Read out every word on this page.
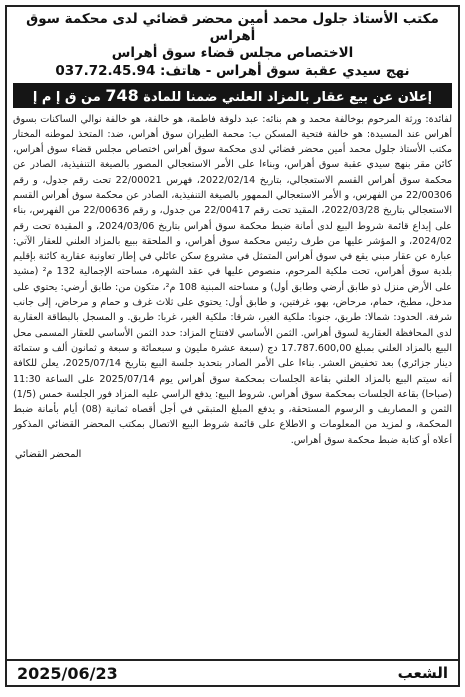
مكتب الأستاذ جلول محمد أمين محضر قضائي لدى محكمة سوق أهراس
الاختصاص مجلس قضاء سوق أهراس
نهج سيدي عقبة سوق أهراس - هاتف: 037.72.45.94
إعلان عن بيع عقار بالمزاد العلني ضمنا للمادة 748 من ق إ م إ
لفائدة: ورثة المرحوم بوخالفة محمد و هم بنائه: عبد دلوفة فاطمة، هو خالفة، هو خالفة نوالي الساكنات بسوق أهراس عند المسيدة: هو خالفة فتحية المسكن ب: محمة الطيران سوق أهراس، ضد: المتخذ لموطنه المختار مكتب الأستاذ جلول محمد أمين محضر قضائي لدى محكمة سوق أهراس اختصاص مجلس قضاء سوق أهراس، كائن مقر بنهج سيدي عقبة سوق أهراس، وبناءا على الأمر الاستعجالي المصور بالصيغة التنفيذية، الصادر عن محكمة سوق أهراس القسم الاستعجالي، بتاريخ 2022/02/14، فهرس 22/00021 تحت رقم جدول، و رقم 22/00306 من الفهرس، و الأمر الاستعجالي الممهور بالصيغة التنفيذية، الصادر عن محكمة سوق أهراس القسم الاستعجالي بتاريخ 2022/03/28، المقيد تحت رقم 22/00417 من جدول، و رقم 22/00636 من الفهرس، بناء على إيداع قائمة شروط البيع لدى أمانة ضبط محكمة سوق أهراس بتاريخ 2024/03/06، و المقيدة تحت رقم 2024/02، و المؤشر عليها من طرف رئيس محكمة سوق أهراس، و الملحقة ببيع بالمزاد العلني للعقار الآتي: عبارة عن عقار مبني يقع في سوق أهراس المتمثل في مشروع سكن عائلي في إطار تعاونية عقارية كائنة بإقليم بلدية سوق أهراس، تحت ملكية المرحوم، منصوص عليها في عقد الشهرة، مساحته الإجمالية 132 م² (مشيد على الأرض منزل ذو طابق أرضي وطابق أول) و مساحته المبنية 108 م²، متكون من: طابق أرضي: يحتوي على مدخل، مطبخ، حمام، مرحاض، بهو، غرفتين، و طابق أول: يحتوي على ثلاث غرف و حمام و مرحاض، إلى جانب شرفة. الحدود: شمالا: طريق، جنوبا: ملكية الغير، شرقا: ملكية الغير، غربا: طريق. و المسجل بالبطاقة العقارية لدى المحافظة العقارية لسوق أهراس. الثمن الأساسي لافتتاح المزاد: حدد الثمن الأساسي للعقار المسمى محل البيع بالمزاد العلني بمبلغ 17.787.600,00 دج (سبعة عشرة مليون و سبعمائة و سبعة و ثمانون ألف و ستمائة دينار جزائري) بعد تخفيض العشر. بناءا على الأمر الصادر بتحديد جلسة البيع بتاريخ 2025/07/14، يعلن للكافة أنه سيتم البيع بالمزاد العلني بقاعة الجلسات بمحكمة سوق أهراس يوم 2025/07/14 على الساعة 11:30 (صباحا) بقاعة الجلسات بمحكمة سوق أهراس. شروط البيع: يدفع الراسي عليه المزاد فور الجلسة خمس (1/5) الثمن و المصاريف و الرسوم المستحقة، و يدفع المبلغ المتبقي في أجل أقصاه ثمانية (08) أيام بأمانة ضبط المحكمة، و لمزيد من المعلومات و الاطلاع على قائمة شروط البيع الاتصال بمكتب المحضر القضائي المذكور أعلاه أو كتابة ضبط محكمة سوق أهراس.
المحضر القضائي
الشعب
2025/06/23
